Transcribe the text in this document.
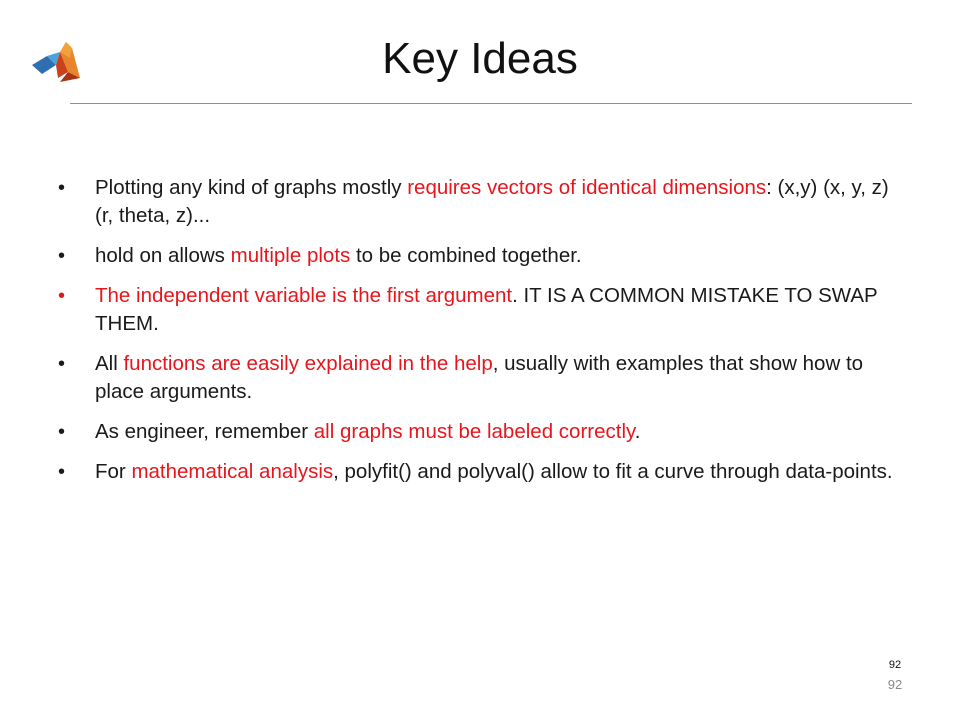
Key Ideas
• Plotting any kind of graphs mostly requires vectors of identical dimensions: (x,y) (x, y, z) (r, theta, z)...
• hold on allows multiple plots to be combined together.
• The independent variable is the first argument. IT IS A COMMON MISTAKE TO SWAP THEM.
• All functions are easily explained in the help, usually with examples that show how to place arguments.
• As engineer, remember all graphs must be labeled correctly.
• For mathematical analysis, polyfit() and polyval() allow to fit a curve through data-points.
92
92
